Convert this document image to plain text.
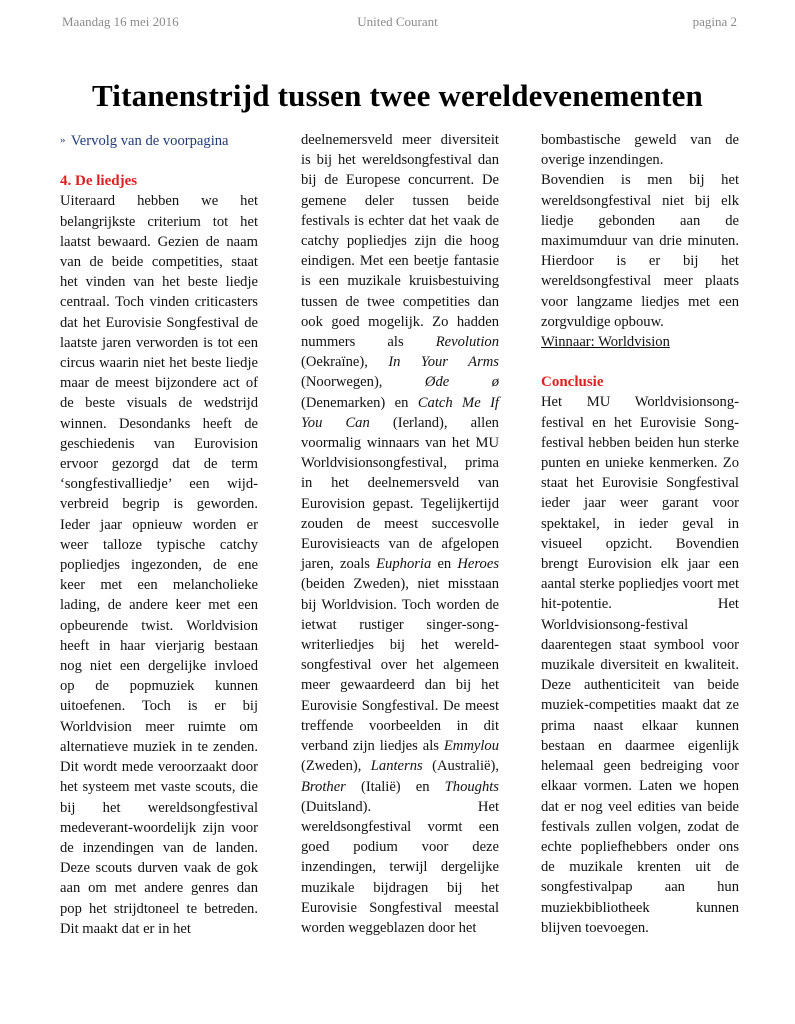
Maandag 16 mei 2016	United Courant	pagina 2
Titanenstrijd tussen twee wereldevenementen
» Vervolg van de voorpagina
4. De liedjes

Uiteraard hebben we het belangrijkste criterium tot het laatst bewaard. Gezien de naam van de beide competities, staat het vinden van het beste liedje centraal. Toch vinden criticasters dat het Eurovisie Songfestival de laatste jaren verworden is tot een circus waarin niet het beste liedje maar de meest bijzondere act of de beste visuals de wedstrijd winnen. Desondanks heeft de geschiedenis van Eurovision ervoor gezorgd dat de term ‘songfestivalliedje’ een wijd-verbreid begrip is geworden. Ieder jaar opnieuw worden er weer talloze typische catchy popliedjes ingezonden, de ene keer met een melancholieke lading, de andere keer met een opbeurende twist. Worldvision heeft in haar vierjarig bestaan nog niet een dergelijke invloed op de popmuziek kunnen uitoefenen. Toch is er bij Worldvision meer ruimte om alternatieve muziek in te zenden. Dit wordt mede veroorzaakt door het systeem met vaste scouts, die bij het wereldsongfestival medeverant-woordelijk zijn voor de inzendingen van de landen. Deze scouts durven vaak de gok aan om met andere genres dan pop het strijdtoneel te betreden. Dit maakt dat er in het

deelnemersveld meer diversiteit is bij het wereldsongfestival dan bij de Europese concurrent. De gemene deler tussen beide festivals is echter dat het vaak de catchy popliedjes zijn die hoog eindigen. Met een beetje fantasie is een muzikale kruisbestuiving tussen de twee competities dan ook goed mogelijk. Zo hadden nummers als Revolution (Oekraïne), In Your Arms (Noorwegen), Øde ø (Denemarken) en Catch Me If You Can (Ierland), allen voormalig winnaars van het MU Worldvisionsongfestival, prima in het deelnemersveld van Eurovision gepast. Tegelijkertijd zouden de meest succesvolle Eurovisieacts van de afgelopen jaren, zoals Euphoria en Heroes (beiden Zweden), niet misstaan bij Worldvision. Toch worden de ietwat rustiger singer-song-writerliedjes bij het wereld-songfestival over het algemeen meer gewaardeerd dan bij het Eurovisie Songfestival. De meest treffende voorbeelden in dit verband zijn liedjes als Emmylou (Zweden), Lanterns (Australië), Brother (Italië) en Thoughts (Duitsland). Het wereldsongfestival vormt een goed podium voor deze inzendingen, terwijl dergelijke muzikale bijdragen bij het Eurovisie Songfestival meestal worden weggeblazen door het

bombastische geweld van de overige inzendingen.

Bovendien is men bij het wereldsongfestival niet bij elk liedje gebonden aan de maximumduur van drie minuten. Hierdoor is er bij het wereldsongfestival meer plaats voor langzame liedjes met een zorgvuldige opbouw.

Winnaar: Worldvision
Conclusie

Het MU Worldvisionsong-festival en het Eurovisie Song-festival hebben beiden hun sterke punten en unieke kenmerken. Zo staat het Eurovisie Songfestival ieder jaar weer garant voor spektakel, in ieder geval in visueel opzicht. Bovendien brengt Eurovision elk jaar een aantal sterke popliedjes voort met hit-potentie. Het Worldvisionsong-festival daarentegen staat symbool voor muzikale diversiteit en kwaliteit. Deze authenticiteit van beide muziek-competities maakt dat ze prima naast elkaar kunnen bestaan en daarmee eigenlijk helemaal geen bedreiging voor elkaar vormen. Laten we hopen dat er nog veel edities van beide festivals zullen volgen, zodat de echte popliefhebbers onder ons de muzikale krenten uit de songfestivalpap aan hun muziekbibliotheek kunnen blijven toevoegen.
